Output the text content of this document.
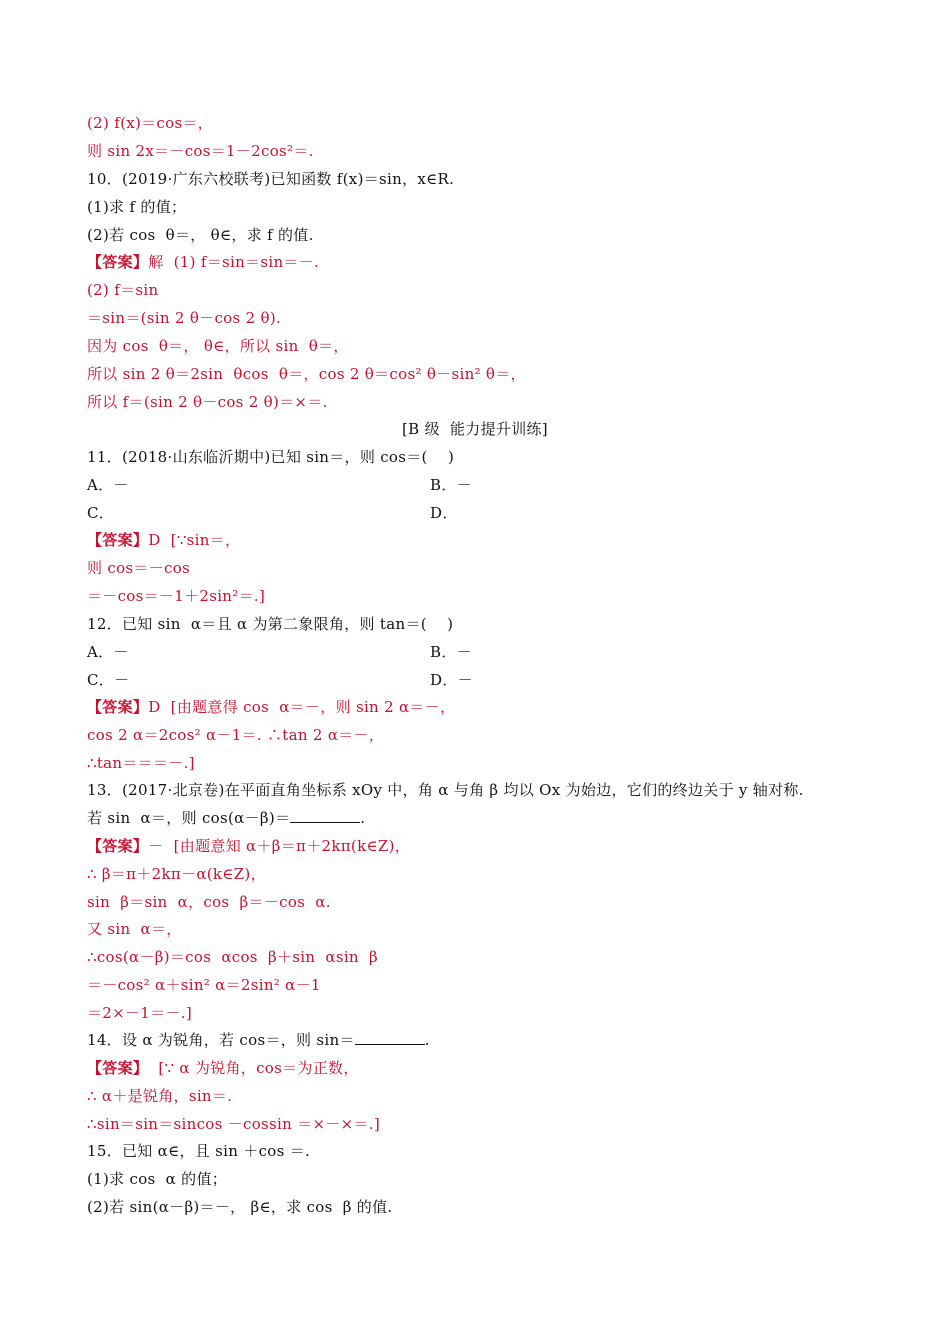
(2) f(x)＝cos＝，
则 sin 2x＝－cos＝1－2cos²＝.
10．(2019·广东六校联考)已知函数 f(x)＝sin，x∈R.
(1)求 f 的值；
(2)若 cos  θ＝， θ∈，求 f 的值.
【答案】解  (1) f＝sin＝sin＝－.
(2) f＝sin
＝sin＝(sin 2 θ－cos 2 θ).
因为 cos  θ＝， θ∈，所以 sin  θ＝，
所以 sin 2 θ＝2sin  θcos  θ＝，cos 2 θ＝cos² θ－sin² θ＝，
所以 f＝(sin 2 θ－cos 2 θ)＝×＝.
[B 级  能力提升训练]
11．(2018·山东临沂期中)已知 sin＝，则 cos＝(    )
A．－	B．－
C．	D．
【答案】D  [∵sin＝，
则 cos＝－cos
＝－cos＝－1＋2sin²＝.]
12．已知 sin  α＝且 α 为第二象限角，则 tan＝(    )
A．－	B．－
C．－	D．－
【答案】D  [由题意得 cos  α＝－，则 sin 2 α＝－，
cos 2 α＝2cos² α－1＝. ∴tan 2 α＝－，
∴tan＝＝＝－.]
13．(2017·北京卷)在平面直角坐标系 xOy 中，角 α 与角 β 均以 Ox 为始边，它们的终边关于 y 轴对称.
若 sin  α＝，则 cos(α－β)＝	.
【答案】－  [由题意知 α＋β＝π＋2kπ(k∈Z)，
∴ β＝π＋2kπ－α(k∈Z)，
sin  β＝sin  α，cos  β＝－cos  α.
又 sin  α＝，
∴cos(α－β)＝cos  αcos  β＋sin  αsin  β
＝－cos² α＋sin² α＝2sin² α－1
＝2×－1＝－.]
14．设 α 为锐角，若 cos＝，则 sin＝	.
【答案】  [∵ α 为锐角，cos＝为正数，
∴ α＋是锐角，sin＝.
∴sin＝sin＝sincos －cossin ＝×－×＝.]
15．已知 α∈，且 sin ＋cos ＝.
(1)求 cos  α 的值；
(2)若 sin(α－β)＝－， β∈，求 cos  β 的值.
